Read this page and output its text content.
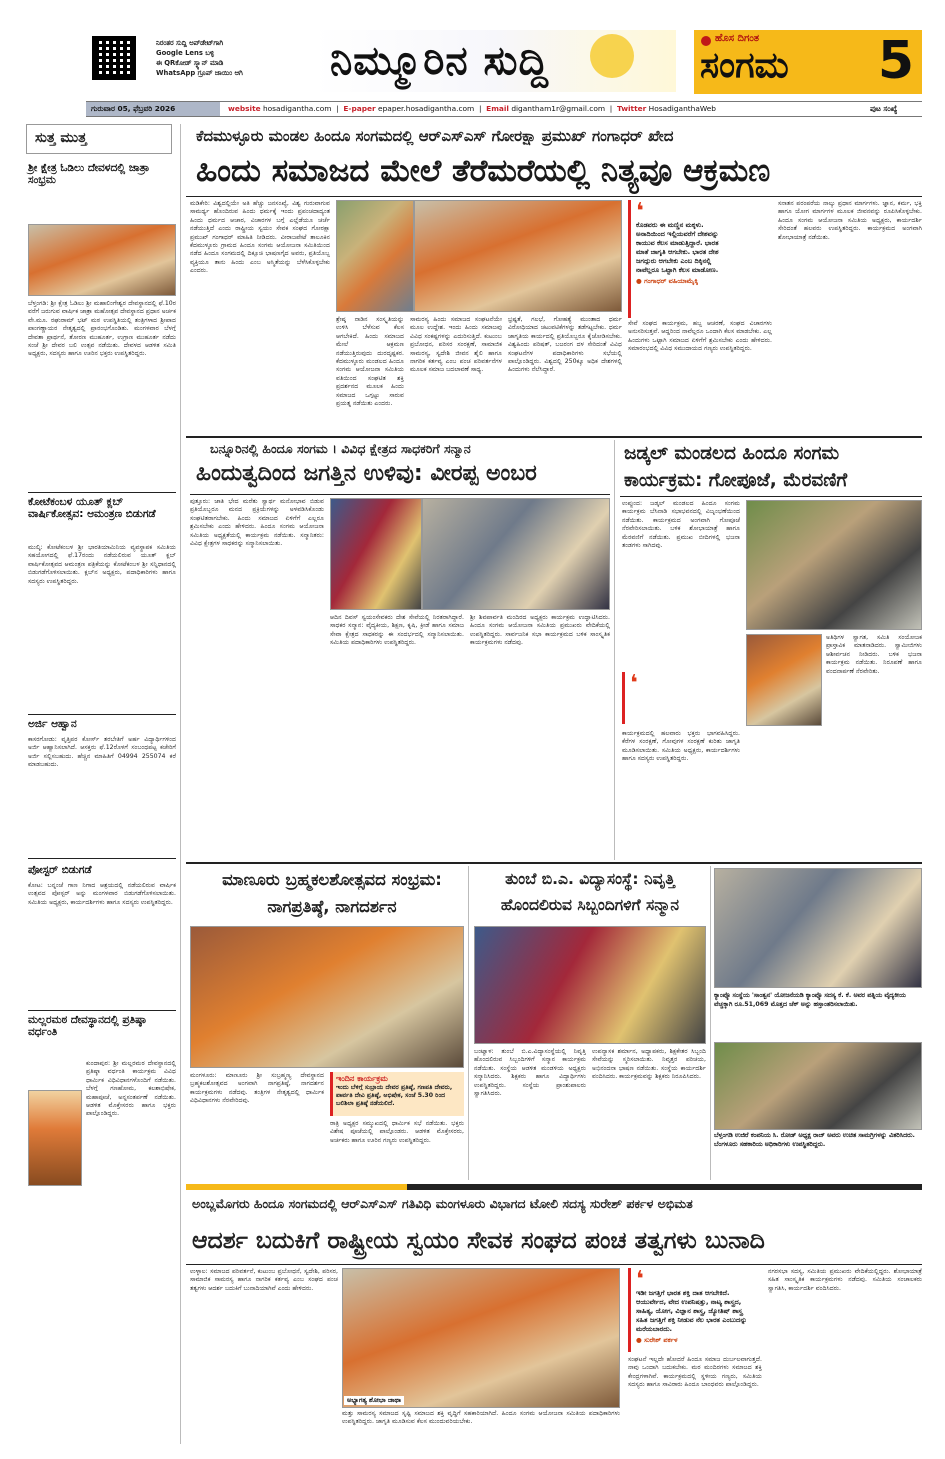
ನಿರಂತರ ಸುದ್ದಿ ಅಪ್‌ಡೇಟ್‌ಗಾಗಿ
Google Lens ಬಳ್ಳಿ
ಈ QRಕೋಡ್ ಸ್ಕ್ಯಾನ್ ಮಾಡಿ
WhatsApp ಗ್ರೂಪ್ ಜಾಯಿಂ ಆಗಿ	ನಿಮ್ಮೂರಿನ ಸುದ್ದಿ	ಹೊಸ ದಿಗಂತ
ಸಂಗಮ 5
ಗುರುವಾರ 05, ಫೆಬ್ರವರಿ 2026	website hosadigantha.com  |  E-paper epaper.hosadigantha.com  |  Email digantham1r@gmail.com  |  Twitter HosadiganthaWeb	ಪುಟ ಸಂಖ್ಯೆ
ಸುತ್ತ ಮುತ್ತ
ಶ್ರೀ ಕ್ಷೇತ್ರ ಓಡಿಲು ದೇವಳದಲ್ಲಿ ಜಾತ್ರಾ ಸಂಭ್ರಮ
ಬೆಳ್ತಂಗಡಿ: ಶ್ರೀ ಕ್ಷೇತ್ರ ಓಡಿಲು ಶ್ರೀ ಮಹಾಲಿಂಗೇಶ್ವರ ದೇವಸ್ಥಾನದಲ್ಲಿ ಫೆ.10ರ ವರೆಗೆ ಜರುಗುವ ವಾರ್ಷಿಕ ಜಾತ್ರಾ ಮಹೋತ್ಸವ ದೇವಸ್ಥಾನದ ಪ್ರಧಾನ ಅರ್ಚಕ ವೇ.ಮೂ. ರಘುರಾಮ್ ಭಟ್ ಮಠ ಉಪಸ್ಥಿತಿಯಲ್ಲಿ ತಂತ್ರಿಗಳಾದ ಶ್ರೀಪಾದ ಪಾಂಗಣ್ಣಾಯರ ನೇತೃತ್ವದಲ್ಲಿ ಪ್ರಾರಂಭಗೊಂಡಿತು. ಮಂಗಳವಾರ ಬೆಳಗ್ಗೆ ದೇವತಾ ಪ್ರಾರ್ಥನೆ, ತೋರಣ ಮುಹೂರ್ತ, ಉಗ್ರಾಣ ಮುಹೂರ್ತ ನಡೆದು ಸಂಜೆ ಶ್ರೀ ದೇವರ ಬಲಿ ಉತ್ಸವ ನಡೆಯಿತು. ದೇವಳದ ಆಡಳಿತ ಸಮಿತಿ ಅಧ್ಯಕ್ಷರು, ಸದಸ್ಯರು ಹಾಗೂ ಊರಿನ ಭಕ್ತರು ಉಪಸ್ಥಿತರಿದ್ದರು.
ಕೋಟೆಕಂಬಳ ಯೂತ್ ಕ್ಲಬ್ ವಾರ್ಷಿಕೋತ್ಸವ: ಆಮಂತ್ರಣ ಬಿಡುಗಡೆ
ಮುಲ್ಕಿ: ಕೋಟೆಕಂಬಳ ಶ್ರೀ ಭಾರತಿಯಾಮಿನಿಯ ವ್ಯವಸ್ಥಾಪಕ ಸಮಿತಿಯ ಸಹಯೋಗದಲ್ಲಿ ಫೆ.17ರಂದು ನಡೆಯಲಿರುವ ಯೂತ್ ಕ್ಲಬ್ ವಾರ್ಷಿಕೋತ್ಸವದ ಆಮಂತ್ರಣ ಪತ್ರಿಕೆಯನ್ನು ಕೋಟೆಕಂಬಳ ಶ್ರೀ ಸನ್ನಿಧಾನದಲ್ಲಿ ಬಿಡುಗಡೆಗೊಳಿಸಲಾಯಿತು. ಕ್ಲಬ್‌ನ ಅಧ್ಯಕ್ಷರು, ಪದಾಧಿಕಾರಿಗಳು ಹಾಗೂ ಸದಸ್ಯರು ಉಪಸ್ಥಿತರಿದ್ದರು.
ಅರ್ಜಿ ಆಹ್ವಾನ
ಕಾಸರಗೋಡು: ವೃತ್ತಿಪರ ಕೋರ್ಸ್ ತರಬೇತಿಗೆ ಅರ್ಹ ವಿದ್ಯಾರ್ಥಿಗಳಿಂದ ಅರ್ಜಿ ಆಹ್ವಾನಿಸಲಾಗಿದೆ. ಆಸಕ್ತರು ಫೆ.12ರೊಳಗೆ ಸಂಬಂಧಪಟ್ಟ ಕಚೇರಿಗೆ ಅರ್ಜಿ ಸಲ್ಲಿಸಬಹುದು. ಹೆಚ್ಚಿನ ಮಾಹಿತಿಗೆ 04994 255074 ಕರೆ ಮಾಡಬಹುದು.
ಪೋಸ್ಟರ್ ಬಿಡುಗಡೆ
ಕೋಟ: ಬನ್ನಂಜೆ ಗಾಣ ನಿಗಾದ ಆಶ್ರಯದಲ್ಲಿ ನಡೆಯಲಿರುವ ವಾರ್ಷಿಕ ಉತ್ಸವದ ಪೋಸ್ಟರ್ ಅನ್ನು ಮಂಗಳವಾರ ಬಿಡುಗಡೆಗೊಳಿಸಲಾಯಿತು. ಸಮಿತಿಯ ಅಧ್ಯಕ್ಷರು, ಕಾರ್ಯದರ್ಶಿಗಳು ಹಾಗೂ ಸದಸ್ಯರು ಉಪಸ್ಥಿತರಿದ್ದರು.
ಮಲ್ಲರಮಠ ದೇವಸ್ಥಾನದಲ್ಲಿ ಪ್ರತಿಷ್ಠಾ ವರ್ಧಂತಿ
ಕುಂದಾಪುರ: ಶ್ರೀ ಮಲ್ಲರಮಠ ದೇವಸ್ಥಾನದಲ್ಲಿ ಪ್ರತಿಷ್ಠಾ ವರ್ಧಂತಿ ಕಾರ್ಯಕ್ರಮ ವಿವಿಧ ಧಾರ್ಮಿಕ ವಿಧಿವಿಧಾನಗಳೊಂದಿಗೆ ನಡೆಯಿತು. ಬೆಳಗ್ಗೆ ಗಣಹೋಮ, ಕಲಶಾಭಿಷೇಕ, ಮಹಾಪೂಜೆ, ಅನ್ನಸಂತರ್ಪಣೆ ನಡೆಯಿತು. ಆಡಳಿತ ಮೊಕ್ತೇಸರರು ಹಾಗೂ ಭಕ್ತರು ಪಾಲ್ಗೊಂಡಿದ್ದರು.
ಕೆದಮುಳ್ಳೂರು ಮಂಡಲ ಹಿಂದೂ ಸಂಗಮದಲ್ಲಿ ಆರ್‌ಎಸ್‌ಎಸ್ ಗೋರಕ್ಷಾ ಪ್ರಮುಖ್ ಗಂಗಾಧರ್ ಖೇದ
ಹಿಂದು ಸಮಾಜದ ಮೇಲೆ ತೆರೆಮರೆಯಲ್ಲಿ ನಿತ್ಯವೂ ಆಕ್ರಮಣ
ಮಡಿಕೇರಿ: ವಿಶ್ವದಲ್ಲಿಯೇ ಅತಿ ಹೆಚ್ಚು ಜನಸಂಖ್ಯೆ, ವಿಶ್ವ ಗುರುವಾಗುವ ಸಾಮರ್ಥ್ಯ ಹೊಂದಿರುವ ಹಿಂದು ಧರ್ಮಕ್ಕೆ ಇಂದು ಪ್ರಪಂಚದಾದ್ಯಂತ ಹಿಂದು ಧರ್ಮದ ಆಚಾರ, ವಿಚಾರಗಳ ಬಗ್ಗೆ ಎಲ್ಲೆಡೆಯೂ ಚರ್ಚೆ ನಡೆಯುತ್ತಿದೆ ಎಂದು ರಾಷ್ಟ್ರೀಯ ಸ್ವಯಂ ಸೇವಕ ಸಂಘದ ಗೋರಕ್ಷಾ ಪ್ರಮುಖ್ ಗಂಗಾಧರ್ ಮಾಹಿತಿ ನೀಡಿದರು. ವೀರಾಜಪೇಟೆ ತಾಲೂಕಿನ ಕೆದಮುಳ್ಳೂರು ಗ್ರಾಮದ ಹಿಂದೂ ಸಂಗಮ ಆಯೋಜನಾ ಸಮಿತಿಯಿಂದ ನಡೆದ ಹಿಂದೂ ಸಂಗಮದಲ್ಲಿ ದಿಕ್ಸೂಚಿ ಭಾಷಣಗೈದ ಅವರು, ಪ್ರತಿಯೊಬ್ಬ ವ್ಯಕ್ತಿಯೂ ತಾನು ಹಿಂದು ಎಂಬ ಅಸ್ಮಿತೆಯನ್ನು ಬೆಳೆಸಿಕೊಳ್ಳಬೇಕು ಎಂದರು.
ಶ್ರೇಷ್ಠ ನಾಡಿನ ಸಂಸ್ಕೃತಿಯನ್ನು ಉಳಿಸಿ ಬೆಳೆಸುವ ಕೆಲಸ ಆಗಬೇಕಿದೆ. ಹಿಂದು ಸಮಾಜದ ಮೇಲೆ ಆಕ್ರಮಣ ನಡೆಯುತ್ತಿರುವುದು ದುರದೃಷ್ಟಕರ. ಕೆದಮುಳ್ಳೂರು ಮಂಡಲದ ಹಿಂದೂ ಸಂಗಮ ಆಯೋಜನಾ ಸಮಿತಿಯ ವತಿಯಿಂದ ಸಂಘಟಿತ ಶಕ್ತಿ ಪ್ರದರ್ಶನದ ಮೂಲಕ ಹಿಂದು ಸಮಾಜದ ಒಗ್ಗಟ್ಟು ಸಾರುವ ಪ್ರಯತ್ನ ನಡೆಯಿತು ಎಂದರು.
ಸಾಮರಸ್ಯ ಹಿಂದು ಸಮಾಜದ ಸಂಘಟನೆಯೇ ಮೂಲ ಉದ್ದೇಶ. ಇಂದು ಹಿಂದು ಸಮಾಜವು ವಿವಿಧ ಸಂಕಷ್ಟಗಳನ್ನು ಎದುರಿಸುತ್ತಿದೆ. ಕುಟುಂಬ ಪ್ರಬೋಧನ, ಪರಿಸರ ಸಂರಕ್ಷಣೆ, ಸಾಮಾಜಿಕ ಸಾಮರಸ್ಯ, ಸ್ವದೇಶಿ ಜೀವನ ಶೈಲಿ ಹಾಗೂ ನಾಗರಿಕ ಕರ್ತವ್ಯ ಎಂಬ ಪಂಚ ಪರಿವರ್ತನೆಗಳ ಮೂಲಕ ಸಮಾಜ ಬದಲಾವಣೆ ಸಾಧ್ಯ.
ಭ್ರಷ್ಟತೆ, ಗಲಭೆ, ಗೋಹತ್ಯೆ ಮುಂತಾದ ಧರ್ಮ ವಿರೋಧಿಯಾದ ಚಟುವಟಿಕೆಗಳನ್ನು ತಡೆಗಟ್ಟಬೇಕು. ಧರ್ಮ ಜಾಗೃತಿಯ ಕಾರ್ಯದಲ್ಲಿ ಪ್ರತಿಯೊಬ್ಬರೂ ಕೈಜೋಡಿಸಬೇಕು. ವಿಶ್ವಹಿಂದು ಪರಿಷತ್, ಬಜರಂಗ ದಳ ಸೇರಿದಂತೆ ವಿವಿಧ ಸಂಘಟನೆಗಳ ಪದಾಧಿಕಾರಿಗಳು ಸಭೆಯಲ್ಲಿ ಪಾಲ್ಗೊಂಡಿದ್ದರು. ವಿಶ್ವದಲ್ಲಿ 250ಕ್ಕೂ ಅಧಿಕ ದೇಶಗಳಲ್ಲಿ ಹಿಂದುಗಳು ನೆಲೆಸಿದ್ದಾರೆ.
❛
ಕೊಡವರು ಈ ಮಣ್ಣಿನ ಮಕ್ಕಳು. ಅನಾದಿಯಿಂದ ಇಲ್ಲಿಯವರೆಗೆ ದೇಶವನ್ನು ಕಾಯುವ ಕೆಲಸ ಮಾಡುತ್ತಿದ್ದಾರೆ. ಭಾರತ ಮಾತೆ ಜಾಗೃತಿ ಆಗಬೇಕು. ಭಾರತ ದೇಶ ಜಗದ್ಗುರು ಆಗಬೇಕು ಎಂಬ ದಿಕ್ಕಿನಲ್ಲಿ ನಾವೆಲ್ಲರೂ ಒಟ್ಟಾಗಿ ಕೆಲಸ ಮಾಡೋಣ.
● ಗಂಗಾಧರ್ ವಹಿಯಾಮೈಕ್ಕಿ
ಸೇವೆ ಸಂಘದ ಕಾರ್ಯಕ್ರಮ, ಹಬ್ಬ ಆಚರಣೆ, ಸಂಘದ ವಿಚಾರಗಳು ಅನುಸರಿಸುತ್ತವೆ. ಆದ್ದರಿಂದ ನಾವೆಲ್ಲರೂ ಒಂದಾಗಿ ಕೆಲಸ ಮಾಡಬೇಕು. ಎಲ್ಲ ಹಿಂದುಗಳು ಒಟ್ಟಾಗಿ ಸಮಾಜದ ಏಳಿಗೆಗೆ ಶ್ರಮಿಸಬೇಕು ಎಂದು ಹೇಳಿದರು. ಸಮಾರಂಭದಲ್ಲಿ ವಿವಿಧ ಸಮುದಾಯದ ಗಣ್ಯರು ಉಪಸ್ಥಿತರಿದ್ದರು.
ಸನಾತನ ಪರಂಪರೆಯ ನಾಲ್ಕು ಪ್ರಧಾನ ಮಾರ್ಗಗಳು. ಜ್ಞಾನ, ಕರ್ಮ, ಭಕ್ತಿ ಹಾಗೂ ಯೋಗ ಮಾರ್ಗಗಳ ಮೂಲಕ ಜೀವನವನ್ನು ರೂಪಿಸಿಕೊಳ್ಳಬೇಕು. ಹಿಂದೂ ಸಂಗಮ ಆಯೋಜನಾ ಸಮಿತಿಯ ಅಧ್ಯಕ್ಷರು, ಕಾರ್ಯದರ್ಶಿ ಸೇರಿದಂತೆ ಹಲವರು ಉಪಸ್ಥಿತರಿದ್ದರು. ಕಾರ್ಯಕ್ರಮದ ಅಂಗವಾಗಿ ಶೋಭಾಯಾತ್ರೆ ನಡೆಯಿತು.
ಬನ್ನೂರಿನಲ್ಲಿ ಹಿಂದೂ ಸಂಗಮ । ವಿವಿಧ ಕ್ಷೇತ್ರದ ಸಾಧಕರಿಗೆ ಸನ್ಮಾನ
ಹಿಂದುತ್ವದಿಂದ ಜಗತ್ತಿನ ಉಳಿವು: ವೀರಪ್ಪ ಅಂಬರ
ಪುತ್ತೂರು: ಜಾತಿ ಭೇದ ಮರೆತು ಸ್ವಾರ್ಥ ಮನೋಭಾವ ಬಿಡುವ ಪ್ರತಿಯೊಬ್ಬರೂ ಮನದ ಪ್ರಕ್ರಿಯೆಗಳನ್ನು ಅಳವಡಿಸಿಕೊಂಡು ಸಂಘಟಿತರಾಗಬೇಕು. ಹಿಂದು ಸಮಾಜದ ಏಳಿಗೆಗೆ ಎಲ್ಲರೂ ಶ್ರಮಿಸಬೇಕು ಎಂದು ಹೇಳಿದರು. ಹಿಂದೂ ಸಂಗಮ ಆಯೋಜನಾ ಸಮಿತಿಯ ಅಧ್ಯಕ್ಷತೆಯಲ್ಲಿ ಕಾರ್ಯಕ್ರಮ ನಡೆಯಿತು. ಸನ್ಮಾನಿತರು: ವಿವಿಧ ಕ್ಷೇತ್ರಗಳ ಸಾಧಕರನ್ನು ಸನ್ಮಾನಿಸಲಾಯಿತು.
ಆದಿನ ದಿವಸ್ ಸ್ವಯಂಸೇವಕರು ದೇಶ ಸೇವೆಯಲ್ಲಿ ನಿರತರಾಗಿದ್ದಾರೆ. ಸಾಧಕರ ಸನ್ಮಾನ: ವೈದ್ಯಕೀಯ, ಶಿಕ್ಷಣ, ಕೃಷಿ, ಕ್ರೀಡೆ ಹಾಗೂ ಸಮಾಜ ಸೇವಾ ಕ್ಷೇತ್ರದ ಸಾಧಕರನ್ನು ಈ ಸಂದರ್ಭದಲ್ಲಿ ಸನ್ಮಾನಿಸಲಾಯಿತು. ಸಮಿತಿಯ ಪದಾಧಿಕಾರಿಗಳು ಉಪಸ್ಥಿತರಿದ್ದರು.
ಶ್ರೀ ಶಿವಪಾರ್ವತಿ ಮಂದಿರದ ಅಧ್ಯಕ್ಷರು ಕಾರ್ಯಕ್ರಮ ಉದ್ಘಾಟಿಸಿದರು. ಹಿಂದೂ ಸಂಗಮ ಆಯೋಜನಾ ಸಮಿತಿಯ ಪ್ರಮುಖರು ವೇದಿಕೆಯಲ್ಲಿ ಉಪಸ್ಥಿತರಿದ್ದರು. ಸಾರ್ವಜನಿಕ ಸಭಾ ಕಾರ್ಯಕ್ರಮದ ಬಳಿಕ ಸಾಂಸ್ಕೃತಿಕ ಕಾರ್ಯಕ್ರಮಗಳು ನಡೆದವು.
ಜಡ್ಕಲ್ ಮಂಡಲದ ಹಿಂದೂ ಸಂಗಮ ಕಾರ್ಯಕ್ರಮ: ಗೋಪೂಜೆ, ಮೆರವಣಿಗೆ
ಉಪ್ಪುಂದ: ಜಡ್ಕಲ್ ಮಂಡಲದ ಹಿಂದೂ ಸಂಗಮ ಕಾರ್ಯಕ್ರಮ ಬೆಸಿನಾಡಿ ಸಭಾಭವನದಲ್ಲಿ ವಿಜೃಂಭಣೆಯಿಂದ ನಡೆಯಿತು. ಕಾರ್ಯಕ್ರಮದ ಅಂಗವಾಗಿ ಗೋಪೂಜೆ ನೆರವೇರಿಸಲಾಯಿತು. ಬಳಿಕ ಶೋಭಾಯಾತ್ರೆ ಹಾಗೂ ಮೆರವಣಿಗೆ ನಡೆಯಿತು. ಪ್ರಮುಖ ಬೀದಿಗಳಲ್ಲಿ ಭಜನಾ ತಂಡಗಳು ಸಾಗಿದವು.
❛
ಕಾರ್ಯಕ್ರಮದಲ್ಲಿ ಹಲವಾರು ಭಕ್ತರು ಭಾಗವಹಿಸಿದ್ದರು. ಕೆರೆಗಳ ಸಂರಕ್ಷಣೆ, ಗೋವುಗಳ ಸಂರಕ್ಷಣೆ ಕುರಿತು ಜಾಗೃತಿ ಮೂಡಿಸಲಾಯಿತು. ಸಮಿತಿಯ ಅಧ್ಯಕ್ಷರು, ಕಾರ್ಯದರ್ಶಿಗಳು ಹಾಗೂ ಸದಸ್ಯರು ಉಪಸ್ಥಿತರಿದ್ದರು.
ಅತಿಥಿಗಳ ಸ್ವಾಗತ, ಸಮಿತಿ ಸಂಯೋಜಕ ಪ್ರಾಸ್ತಾವಿಕ ಮಾತನಾಡಿದರು. ಸ್ವಾಮೀಜಿಗಳು ಆಶೀರ್ವಚನ ನೀಡಿದರು. ಬಳಿಕ ಭಜನಾ ಕಾರ್ಯಕ್ರಮ ನಡೆಯಿತು. ನಿರೂಪಣೆ ಹಾಗೂ ವಂದನಾರ್ಪಣೆ ನೆರವೇರಿತು.
ಮಾಣೂರು ಬ್ರಹ್ಮಕಲಶೋತ್ಸವದ ಸಂಭ್ರಮ: ನಾಗಪ್ರತಿಷ್ಠೆ, ನಾಗದರ್ಶನ
ಮಂಗಳೂರು: ಮಾಣೂರು ಶ್ರೀ ಸುಬ್ರಹ್ಮಣ್ಯ ದೇವಸ್ಥಾನದ ಬ್ರಹ್ಮಕಲಶೋತ್ಸವದ ಅಂಗವಾಗಿ ನಾಗಪ್ರತಿಷ್ಠೆ, ನಾಗದರ್ಶನ ಕಾರ್ಯಕ್ರಮಗಳು ನಡೆದವು. ತಂತ್ರಿಗಳ ನೇತೃತ್ವದಲ್ಲಿ ಧಾರ್ಮಿಕ ವಿಧಿವಿಧಾನಗಳು ನೆರವೇರಿದವು.
ಇಂದಿನ ಕಾರ್ಯಕ್ರಮ
ಇಂದು ಬೆಳಿಗ್ಗೆ ಸುಬ್ರಾಯ ದೇವರ ಪ್ರತಿಷ್ಠೆ, ಗಣಪತಿ ದೇವರು, ಪಾರ್ವತಿ ದೇವಿ ಪ್ರತಿಷ್ಠೆ, ಅಭಿಷೇಕ, ಸಂಜೆ 5.30 ರಿಂದ ಬಲಿಶಿಲಾ ಪ್ರತಿಷ್ಠೆ ನಡೆಯಲಿದೆ.
ರಾತ್ರಿ ಅಧ್ಯಕ್ಷರ ಸಮ್ಮುಖದಲ್ಲಿ ಧಾರ್ಮಿಕ ಸಭೆ ನಡೆಯಿತು. ಭಕ್ತರು ವಿಶೇಷ ಪೂಜೆಯಲ್ಲಿ ಪಾಲ್ಗೊಂಡರು. ಆಡಳಿತ ಮೊಕ್ತೇಸರರು, ಅರ್ಚಕರು ಹಾಗೂ ಊರಿನ ಗಣ್ಯರು ಉಪಸ್ಥಿತರಿದ್ದರು.
ತುಂಬೆ ಬಿ.ಎ. ವಿದ್ಯಾಸಂಸ್ಥೆ: ನಿವೃತ್ತಿ ಹೊಂದಲಿರುವ ಸಿಬ್ಬಂದಿಗಳಿಗೆ ಸನ್ಮಾನ
ಬಂಟ್ವಾಳ: ತುಂಬೆ ಬಿ.ಎ.ವಿದ್ಯಾಸಂಸ್ಥೆಯಲ್ಲಿ ನಿವೃತ್ತಿ ಹೊಂದಲಿರುವ ಸಿಬ್ಬಂದಿಗಳಿಗೆ ಸನ್ಮಾನ ಕಾರ್ಯಕ್ರಮ ನಡೆಯಿತು. ಸಂಸ್ಥೆಯ ಆಡಳಿತ ಮಂಡಳಿಯ ಅಧ್ಯಕ್ಷರು ಸನ್ಮಾನಿಸಿದರು. ಶಿಕ್ಷಕರು ಹಾಗೂ ವಿದ್ಯಾರ್ಥಿಗಳು ಉಪಸ್ಥಿತರಿದ್ದರು. ಸಂಸ್ಥೆಯ ಪ್ರಾಂಶುಪಾಲರು ಸ್ವಾಗತಿಸಿದರು.
ಉಪನ್ಯಾಸಕ ಶರ್ಮಾನ, ಅಧ್ಯಾಪಕರು, ಶಿಕ್ಷಕೇತರ ಸಿಬ್ಬಂದಿ ಸೇವೆಯನ್ನು ಸ್ಮರಿಸಲಾಯಿತು. ನಿವೃತ್ತರ ಪರಿಚಯ, ಅಭಿನಂದನಾ ಭಾಷಣ ನಡೆಯಿತು. ಸಂಸ್ಥೆಯ ಕಾರ್ಯದರ್ಶಿ ವಂದಿಸಿದರು. ಕಾರ್ಯಕ್ರಮವನ್ನು ಶಿಕ್ಷಕರು ನಿರೂಪಿಸಿದರು.
ಕ್ಯಾಂಪ್ಕೊ ಸಂಸ್ಥೆಯ 'ಸಾಂತ್ವನ' ಯೋಜನೆಯಡಿ ಕ್ಯಾಂಪ್ಕೊ ಸದಸ್ಯ ಕೆ. ಕೆ. ಅವರ ಪತ್ನಿಯ ವೈದ್ಯಕೀಯ ವೆಚ್ಚಕ್ಕಾಗಿ ರೂ.51,069 ಮೊತ್ತದ ಚೆಕ್ ಅನ್ನು ಹಸ್ತಾಂತರಿಸಲಾಯಿತು.
ಬೆಳ್ತಂಗಡಿ ಉಜಿರೆ ಕಂಪನಿಯ ಸಿ. ರೋಡ್ ಅಧ್ಯಕ್ಷ ರಾಜ್ ಅವರು ಉಚಿತ ಸಾಮಗ್ರಿಗಳನ್ನು ವಿತರಿಸಿದರು. ಬೆಂಗಳೂರು ಸಹಕಾರಿಯ ಅಧಿಕಾರಿಗಳು ಉಪಸ್ಥಿತರಿದ್ದರು.
ಅಂಬ್ಲಮೊಗರು ಹಿಂದೂ ಸಂಗಮದಲ್ಲಿ ಆರ್‌ಎಸ್‌ಎಸ್ ಗತಿವಿಧಿ ಮಂಗಳೂರು ವಿಭಾಗದ ಟೋಲಿ ಸದಸ್ಯ ಸುರೇಶ್ ಪರ್ಕಳ ಅಭಿಮತ
ಆದರ್ಶ ಬದುಕಿಗೆ ರಾಷ್ಟ್ರೀಯ ಸ್ವಯಂ ಸೇವಕ ಸಂಘದ ಪಂಚ ತತ್ವಗಳು ಬುನಾದಿ
ಉಳ್ಳಾಲ: ಸಮಾಜದ ಪರಿವರ್ತನೆ, ಕುಟುಂಬ ಪ್ರಬೋಧನೆ, ಸ್ವದೇಶಿ, ಪರಿಸರ, ಸಾಮಾಜಿಕ ಸಾಮರಸ್ಯ ಹಾಗೂ ನಾಗರಿಕ ಕರ್ತವ್ಯ ಎಂಬ ಸಂಘದ ಪಂಚ ತತ್ವಗಳು ಆದರ್ಶ ಬದುಕಿಗೆ ಬುನಾದಿಯಾಗಿವೆ ಎಂದು ಹೇಳಿದರು.
ಅಭ್ಯಾಗತ್ಯ ಶೋಭಾ ಜಾಥಾ
ಮತ್ತು ಸಾಮರಸ್ಯ ಸಮಾಜದ ಸೃಷ್ಟಿ ಸಮಾಜದ ಶಕ್ತಿ ವೃದ್ಧಿಗೆ ಸಹಕಾರಿಯಾಗಿದೆ. ಹಿಂದೂ ಸಂಗಮ ಆಯೋಜನಾ ಸಮಿತಿಯ ಪದಾಧಿಕಾರಿಗಳು ಉಪಸ್ಥಿತರಿದ್ದರು. ಜಾಗೃತಿ ಮೂಡಿಸುವ ಕೆಲಸ ಮುಂದುವರಿಯಬೇಕು.
❛
ಇಡೀ ಜಗತ್ತಿಗೆ ಭಾರತ ಶಕ್ತಿ ದಾತ ಆಗಬೇಕಿದೆ. ಆಯುರ್ವೇದ, ವೇದ ಉಪನಿಷತ್ತು, ನಾಟ್ಯ ಶಾಸ್ತ್ರದ, ಸಾಹಿತ್ಯ, ಯೋಗ, ವಿಜ್ಞಾನ ಶಾಸ್ತ್ರ, ಜ್ಯೋತಿಷ್ ಶಾಸ್ತ್ರ ಸಹಿತ ಜಗತ್ತಿಗೆ ಶಕ್ತಿ ನೀಡುವ ನೆಲ ಭಾರತ ಎಂಬುದನ್ನು ಮರೆಯಬಾರದು.
● ಸುರೇಶ್ ಪರ್ಕಳ
ಸಂಘಟನೆ ಇಲ್ಲದೇ ಹೋದರೆ ಹಿಂದೂ ಸಮಾಜ ದುರ್ಬಲವಾಗುತ್ತದೆ. ನಾವು ಒಂದಾಗಿ ಬದುಕಬೇಕು. ಮಠ ಮಂದಿರಗಳು ಸಮಾಜದ ಶಕ್ತಿ ಕೇಂದ್ರಗಳಾಗಿವೆ. ಕಾರ್ಯಕ್ರಮದಲ್ಲಿ ಸ್ಥಳೀಯ ಗಣ್ಯರು, ಸಮಿತಿಯ ಸದಸ್ಯರು ಹಾಗೂ ಸಾವಿರಾರು ಹಿಂದೂ ಬಾಂಧವರು ಪಾಲ್ಗೊಂಡಿದ್ದರು.
ನಗರಸಭಾ ಸದಸ್ಯ, ಸಮಿತಿಯ ಪ್ರಮುಖರು ವೇದಿಕೆಯಲ್ಲಿದ್ದರು. ಶೋಭಾಯಾತ್ರೆ ಸಹಿತ ಸಾಂಸ್ಕೃತಿಕ ಕಾರ್ಯಕ್ರಮಗಳು ನಡೆದವು. ಸಮಿತಿಯ ಸಂಚಾಲಕರು ಸ್ವಾಗತಿಸಿ, ಕಾರ್ಯದರ್ಶಿ ವಂದಿಸಿದರು.
